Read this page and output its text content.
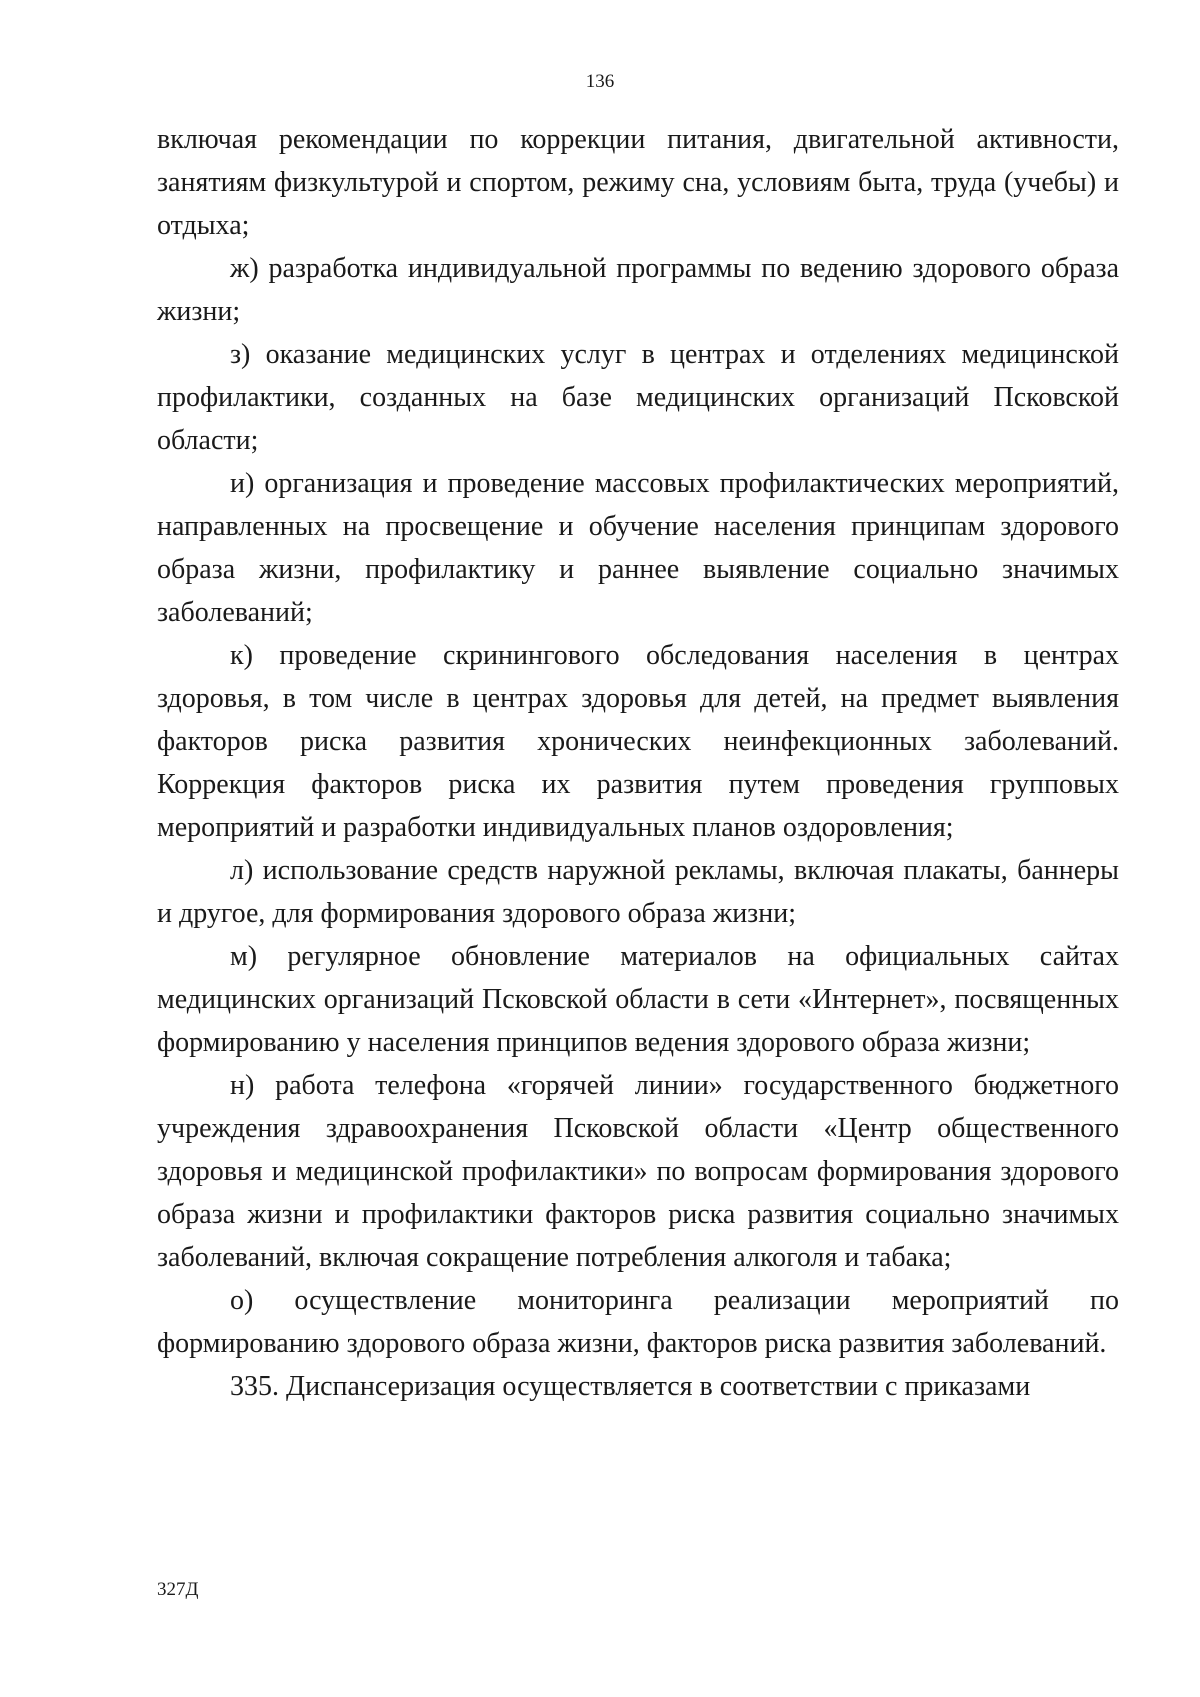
136

включая рекомендации по коррекции питания, двигательной активности, занятиям физкультурой и спортом, режиму сна, условиям быта, труда (учебы) и отдыха;

ж) разработка индивидуальной программы по ведению здорового образа жизни;

з) оказание медицинских услуг в центрах и отделениях медицинской профилактики, созданных на базе медицинских организаций Псковской области;

и) организация и проведение массовых профилактических мероприятий, направленных на просвещение и обучение населения принципам здорового образа жизни, профилактику и раннее выявление социально значимых заболеваний;

к) проведение скринингового обследования населения в центрах здоровья, в том числе в центрах здоровья для детей, на предмет выявления факторов риска развития хронических неинфекционных заболеваний. Коррекция факторов риска их развития путем проведения групповых мероприятий и разработки индивидуальных планов оздоровления;

л) использование средств наружной рекламы, включая плакаты, баннеры и другое, для формирования здорового образа жизни;

м) регулярное обновление материалов на официальных сайтах медицинских организаций Псковской области в сети «Интернет», посвященных формированию у населения принципов ведения здорового образа жизни;

н) работа телефона «горячей линии» государственного бюджетного учреждения здравоохранения Псковской области «Центр общественного здоровья и медицинской профилактики» по вопросам формирования здорового образа жизни и профилактики факторов риска развития социально значимых заболеваний, включая сокращение потребления алкоголя и табака;

о) осуществление мониторинга реализации мероприятий по формированию здорового образа жизни, факторов риска развития заболеваний.

335. Диспансеризация осуществляется в соответствии с приказами

327Д
